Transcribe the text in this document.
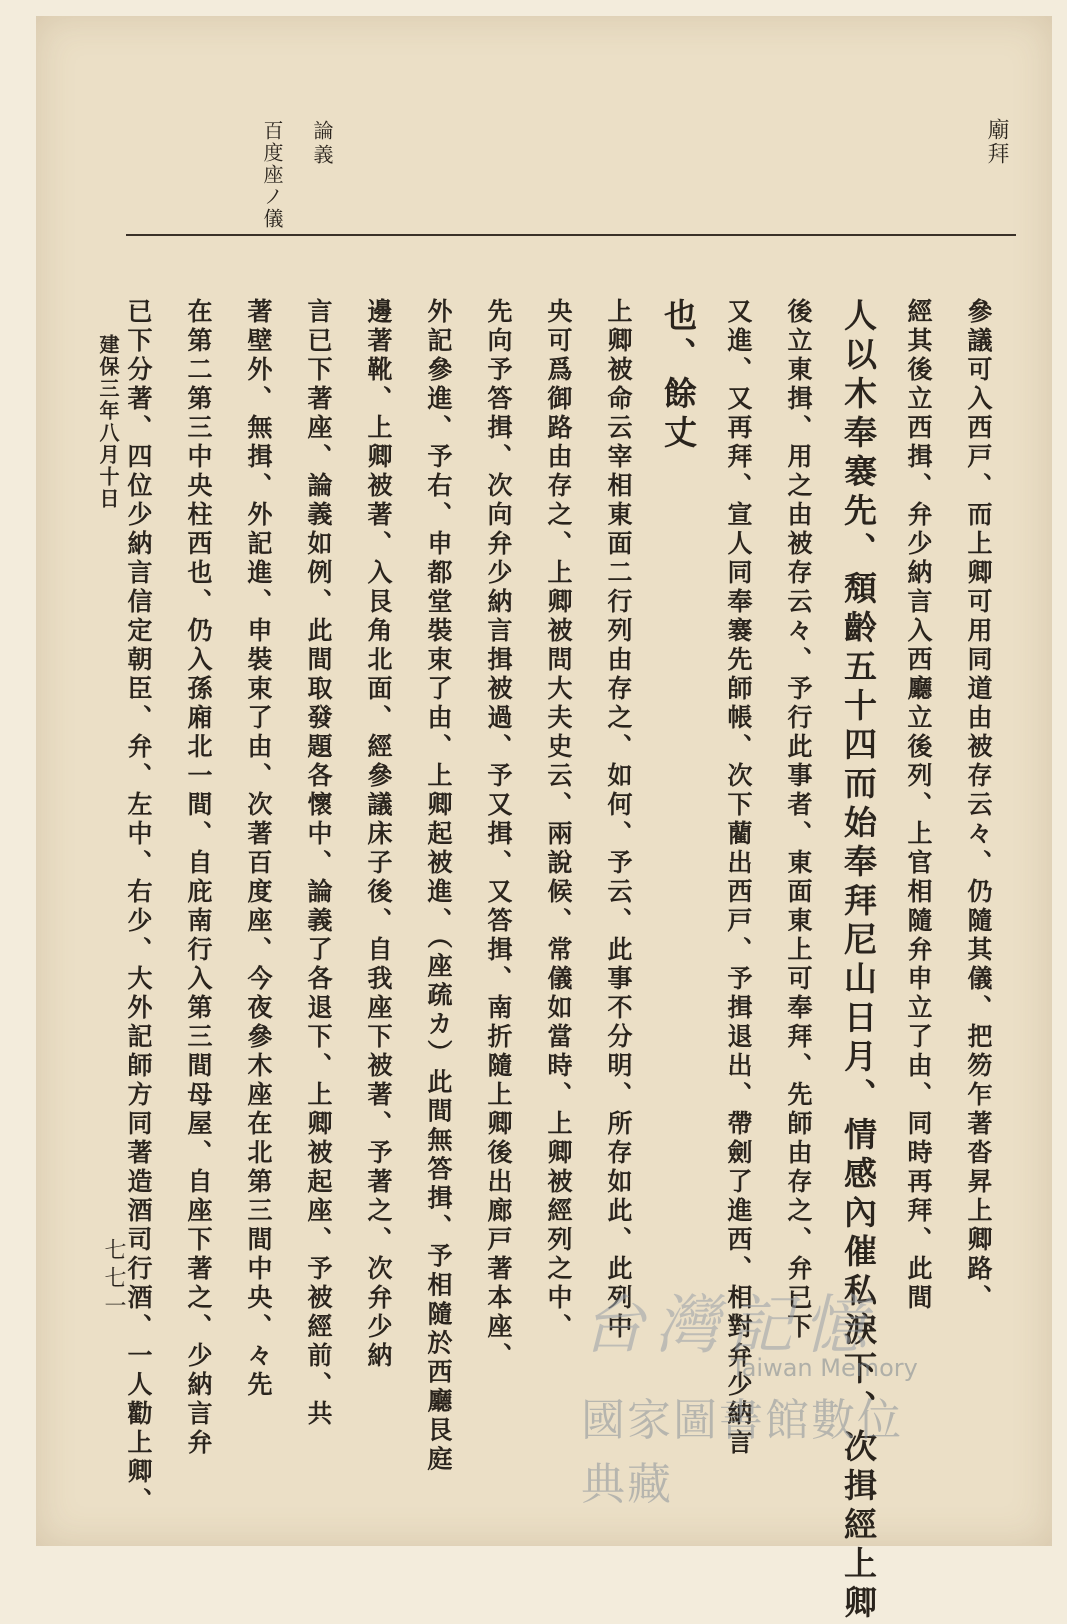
廟拜
論義
百度座ノ儀
參議可入西戸、而上卿可用同道由被存云々、仍隨其儀、把笏乍著沓昇上卿路、
經其後立西揖、弁少納言入西廳立後列、上官相隨弁申立了由、同時再拜、此間
人以木奉褰先、頽齡五十四而始奉拜尼山日月、情感內催私淚下、次揖經上卿
後立東揖、用之由被存云々、予行此事者、東面東上可奉拜、先師由存之、弁已下
又進、又再拜、宣人同奉褰先師帳、次下藺出西戸、予揖退出、帶劍了進西、相對弁少納言
也、餘丈
上卿被命云宰相東面二行列由存之、如何、予云、此事不分明、所存如此、此列中
央可爲御路由存之、上卿被問大夫史云、兩說候、常儀如當時、上卿被經列之中、
先向予答揖、次向弁少納言揖被過、予又揖、又答揖、南折隨上卿後出廊戸著本座、
外記參進、予右、申都堂裝束了由、上卿起被進、（座疏カ）此間無答揖、予相隨於西廳艮庭
邊著靴、上卿被著、入艮角北面、經參議床子後、自我座下被著、予著之、次弁少納
言已下著座、論義如例、此間取發題各懷中、論義了各退下、上卿被起座、予被經前、共
著壁外、無揖、外記進、申裝束了由、次著百度座、今夜參木座在北第三間中央、々先
在第二第三中央柱西也、仍入孫廂北一間、自庇南行入第三間母屋、自座下著之、少納言弁
已下分著、四位少納言信定朝臣、弁、左中、右少、大外記師方同著造酒司行酒、一人勸上卿、
建保三年八月十日
七七一
台灣記憶
Taiwan Memory
國家圖書館數位典藏
